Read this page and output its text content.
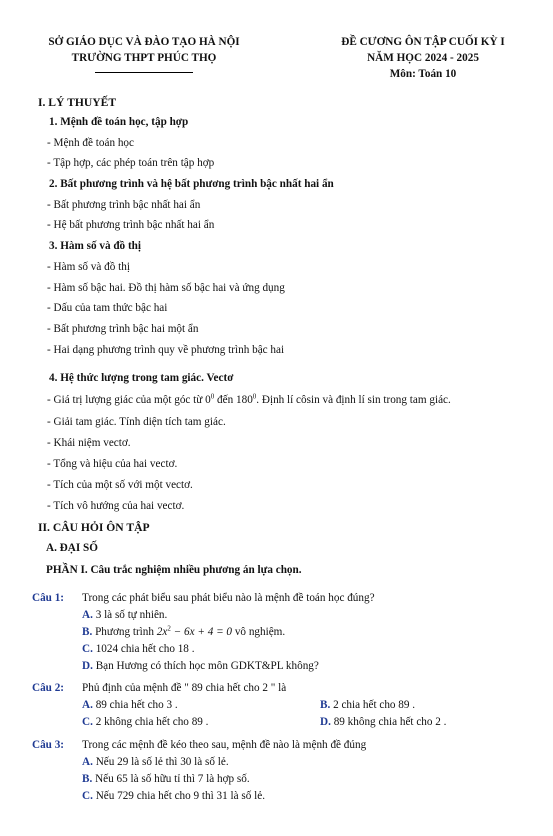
SỞ GIÁO DỤC VÀ ĐÀO TẠO HÀ NỘI
TRƯỜNG THPT PHÚC THỌ
ĐỀ CƯƠNG ÔN TẬP CUỐI KỲ I
NĂM HỌC 2024 - 2025
Môn: Toán 10
I. LÝ THUYẾT
1. Mệnh đề toán học, tập hợp
- Mệnh đề toán học
- Tập hợp, các phép toán trên tập hợp
2. Bất phương trình và hệ bất phương trình bậc nhất hai ẩn
- Bất phương trình bậc nhất hai ẩn
- Hệ bất phương trình bậc nhất hai ẩn
3. Hàm số và đồ thị
- Hàm số và đồ thị
- Hàm số bậc hai. Đồ thị hàm số bậc hai và ứng dụng
- Dấu của tam thức bậc hai
- Bất phương trình bậc hai một ẩn
- Hai dạng phương trình quy về phương trình bậc hai
4. Hệ thức lượng trong tam giác. Vectơ
- Giá trị lượng giác của một góc từ $0^0$ đến $180^0$. Định lí côsin và định lí sin trong tam giác.
- Giải tam giác. Tính diện tích tam giác.
- Khái niệm vectơ.
- Tổng và hiệu của hai vectơ.
- Tích của một số với một vectơ.
- Tích vô hướng của hai vectơ.
II. CÂU HỎI ÔN TẬP
A. ĐẠI SỐ
PHẦN I. Câu trắc nghiệm nhiều phương án lựa chọn.
Câu 1: Trong các phát biểu sau phát biểu nào là mệnh đề toán học đúng?
A. 3 là số tự nhiên.
B. Phương trình $2x^2 - 6x + 4 = 0$ vô nghiệm.
C. 1024 chia hết cho 18 .
D. Bạn Hương có thích học môn GDKT&PL không?
Câu 2: Phủ định của mệnh đề " 89 chia hết cho 2 " là
A. 89 chia hết cho 3 .	B. 2 chia hết cho 89 .
C. 2 không chia hết cho 89 .	D. 89 không chia hết cho 2 .
Câu 3: Trong các mệnh đề kéo theo sau, mệnh đề nào là mệnh đề đúng
A. Nếu 29 là số lẻ thì 30 là số lẻ.
B. Nếu 65 là số hữu tỉ thì 7 là hợp số.
C. Nếu 729 chia hết cho 9 thì 31 là số lẻ.
